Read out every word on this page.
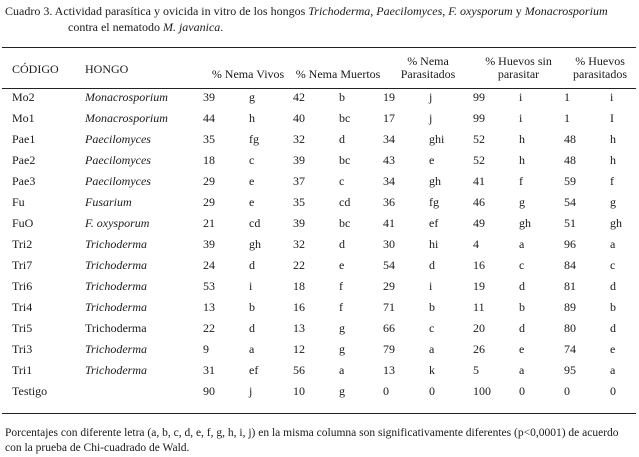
Cuadro 3. Actividad parasítica y ovicida in vitro de los hongos Trichoderma, Paecilomyces, F. oxysporum y Monacrosporium
contra el nematodo M. javanica.
CÓDIGO	HONGO	% Nema Vivos		% Nema Muertos		% Nema Parasitados		% Huevos sin parasitar		% Huevos parasitados	
Mo2	Monacrosporium	39	g	42	b	19	j	99	i	1	i
Mo1	Monacrosporium	44	h	40	bc	17	j	99	i	1	I
Pae1	Paecilomyces	35	fg	32	d	34	ghi	52	h	48	h
Pae2	Paecilomyces	18	c	39	bc	43	e	52	h	48	h
Pae3	Paecilomyces	29	e	37	c	34	gh	41	f	59	f
Fu	Fusarium	29	e	35	cd	36	fg	46	g	54	g
FuO	F. oxysporum	21	cd	39	bc	41	ef	49	gh	51	gh
Tri2	Trichoderma	39	gh	32	d	30	hi	4	a	96	a
Tri7	Trichoderma	24	d	22	e	54	d	16	c	84	c
Tri6	Trichoderma	53	i	18	f	29	i	19	d	81	d
Tri4	Trichoderma	13	b	16	f	71	b	11	b	89	b
Tri5	Trichoderma	22	d	13	g	66	c	20	d	80	d
Tri3	Trichoderma	9	a	12	g	79	a	26	e	74	e
Tri1	Trichoderma	31	ef	56	a	13	k	5	a	95	a
Testigo		90	j	10	g	0	0	100	0	0	0
Porcentajes con diferente letra (a, b, c, d, e, f, g, h, i, j) en la misma columna son significativamente diferentes (p<0,0001) de acuerdo con la prueba de Chi-cuadrado de Wald.
